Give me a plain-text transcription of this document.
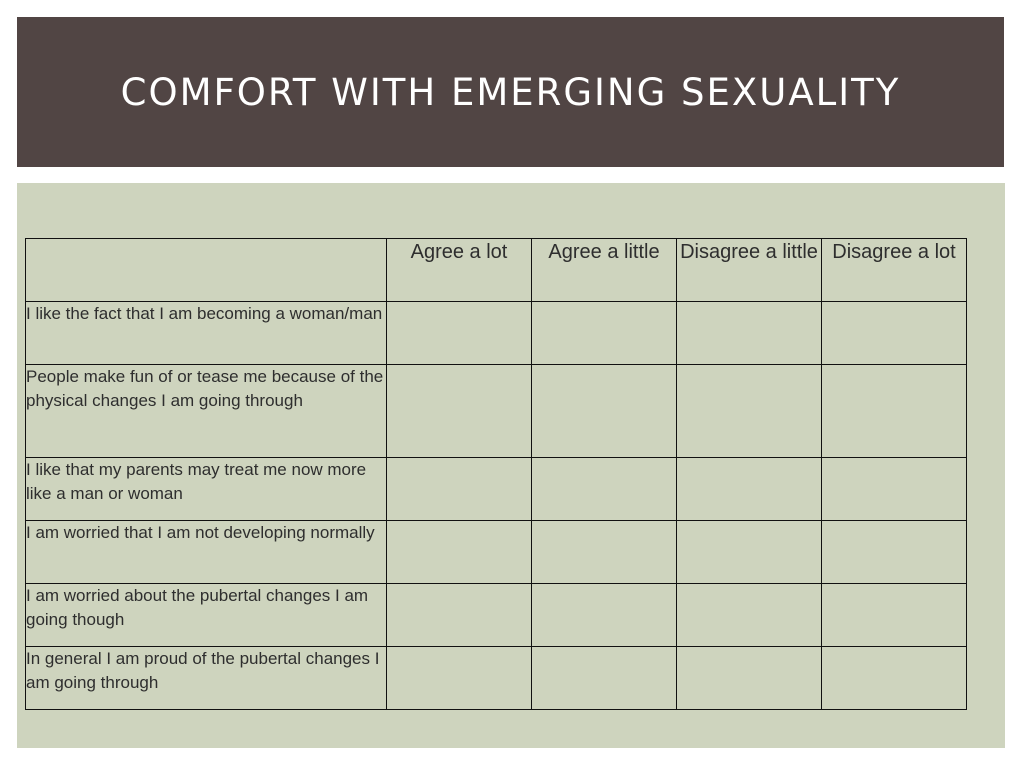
COMFORT WITH EMERGING SEXUALITY
	Agree a lot	Agree a little	Disagree a little	Disagree a lot
I like the fact that I am becoming a woman/man				
People make fun of or tease me because of the physical changes I am going through				
I like that my parents may treat me now more like a man or woman				
I am worried that I am not developing normally				
I am worried about the pubertal changes I am going though				
In general I am proud of the pubertal changes I am going through				
